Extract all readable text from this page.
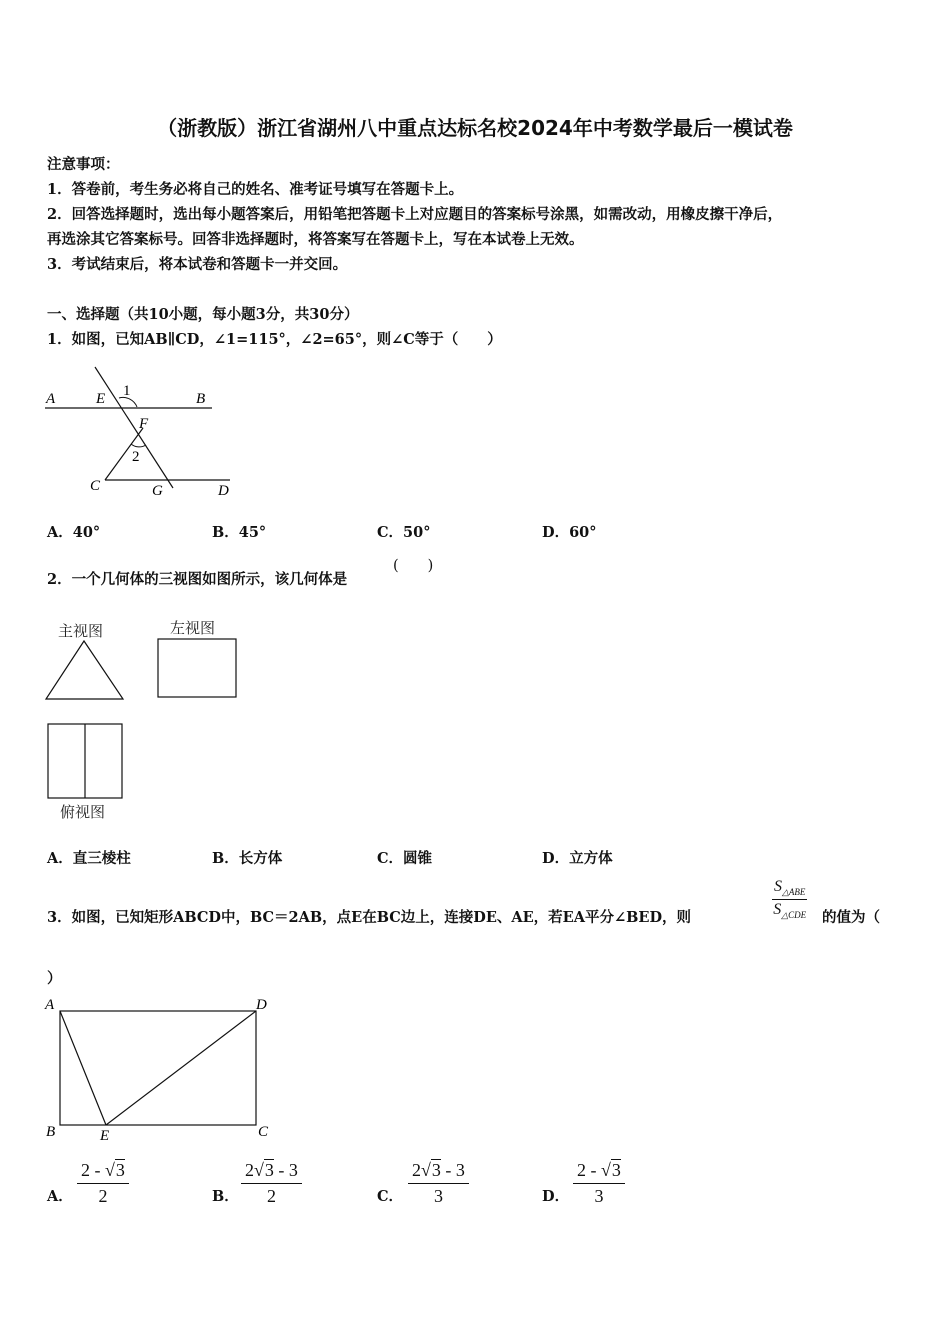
（浙教版）浙江省湖州八中重点达标名校2024年中考数学最后一模试卷
注意事项：
1．答卷前，考生务必将自己的姓名、准考证号填写在答题卡上。
2．回答选择题时，选出每小题答案后，用铅笔把答题卡上对应题目的答案标号涂黑，如需改动，用橡皮擦干净后，
再选涂其它答案标号。回答非选择题时，将答案写在答题卡上，写在本试卷上无效。
3．考试结束后，将本试卷和答题卡一并交回。
一、选择题（共10小题，每小题3分，共30分）
1．如图，已知AB∥CD，∠1=115°，∠2=65°，则∠C等于（　　）
A	E	B
1
F
2
C	G	D
A．40°	B．45°	C．50°	D．60°
2．一个几何体的三视图如图所示，该几何体是
(　　)
主视图	左视图
俯视图
A．直三棱柱	B．长方体	C．圆锥	D．立方体
3．如图，已知矩形ABCD中，BC＝2AB，点E在BC边上，连接DE、AE，若EA平分∠BED，则	$\frac{S_{\triangle ABE}}{S_{\triangle CDE}}$ 的值为（
）
A	D
B	E	C
A． $\frac{2 - √3}{2}$	B． $\frac{2√3 - 3}{2}$	C． $\frac{2√3 - 3}{3}$	D． $\frac{2 - √3}{3}$
